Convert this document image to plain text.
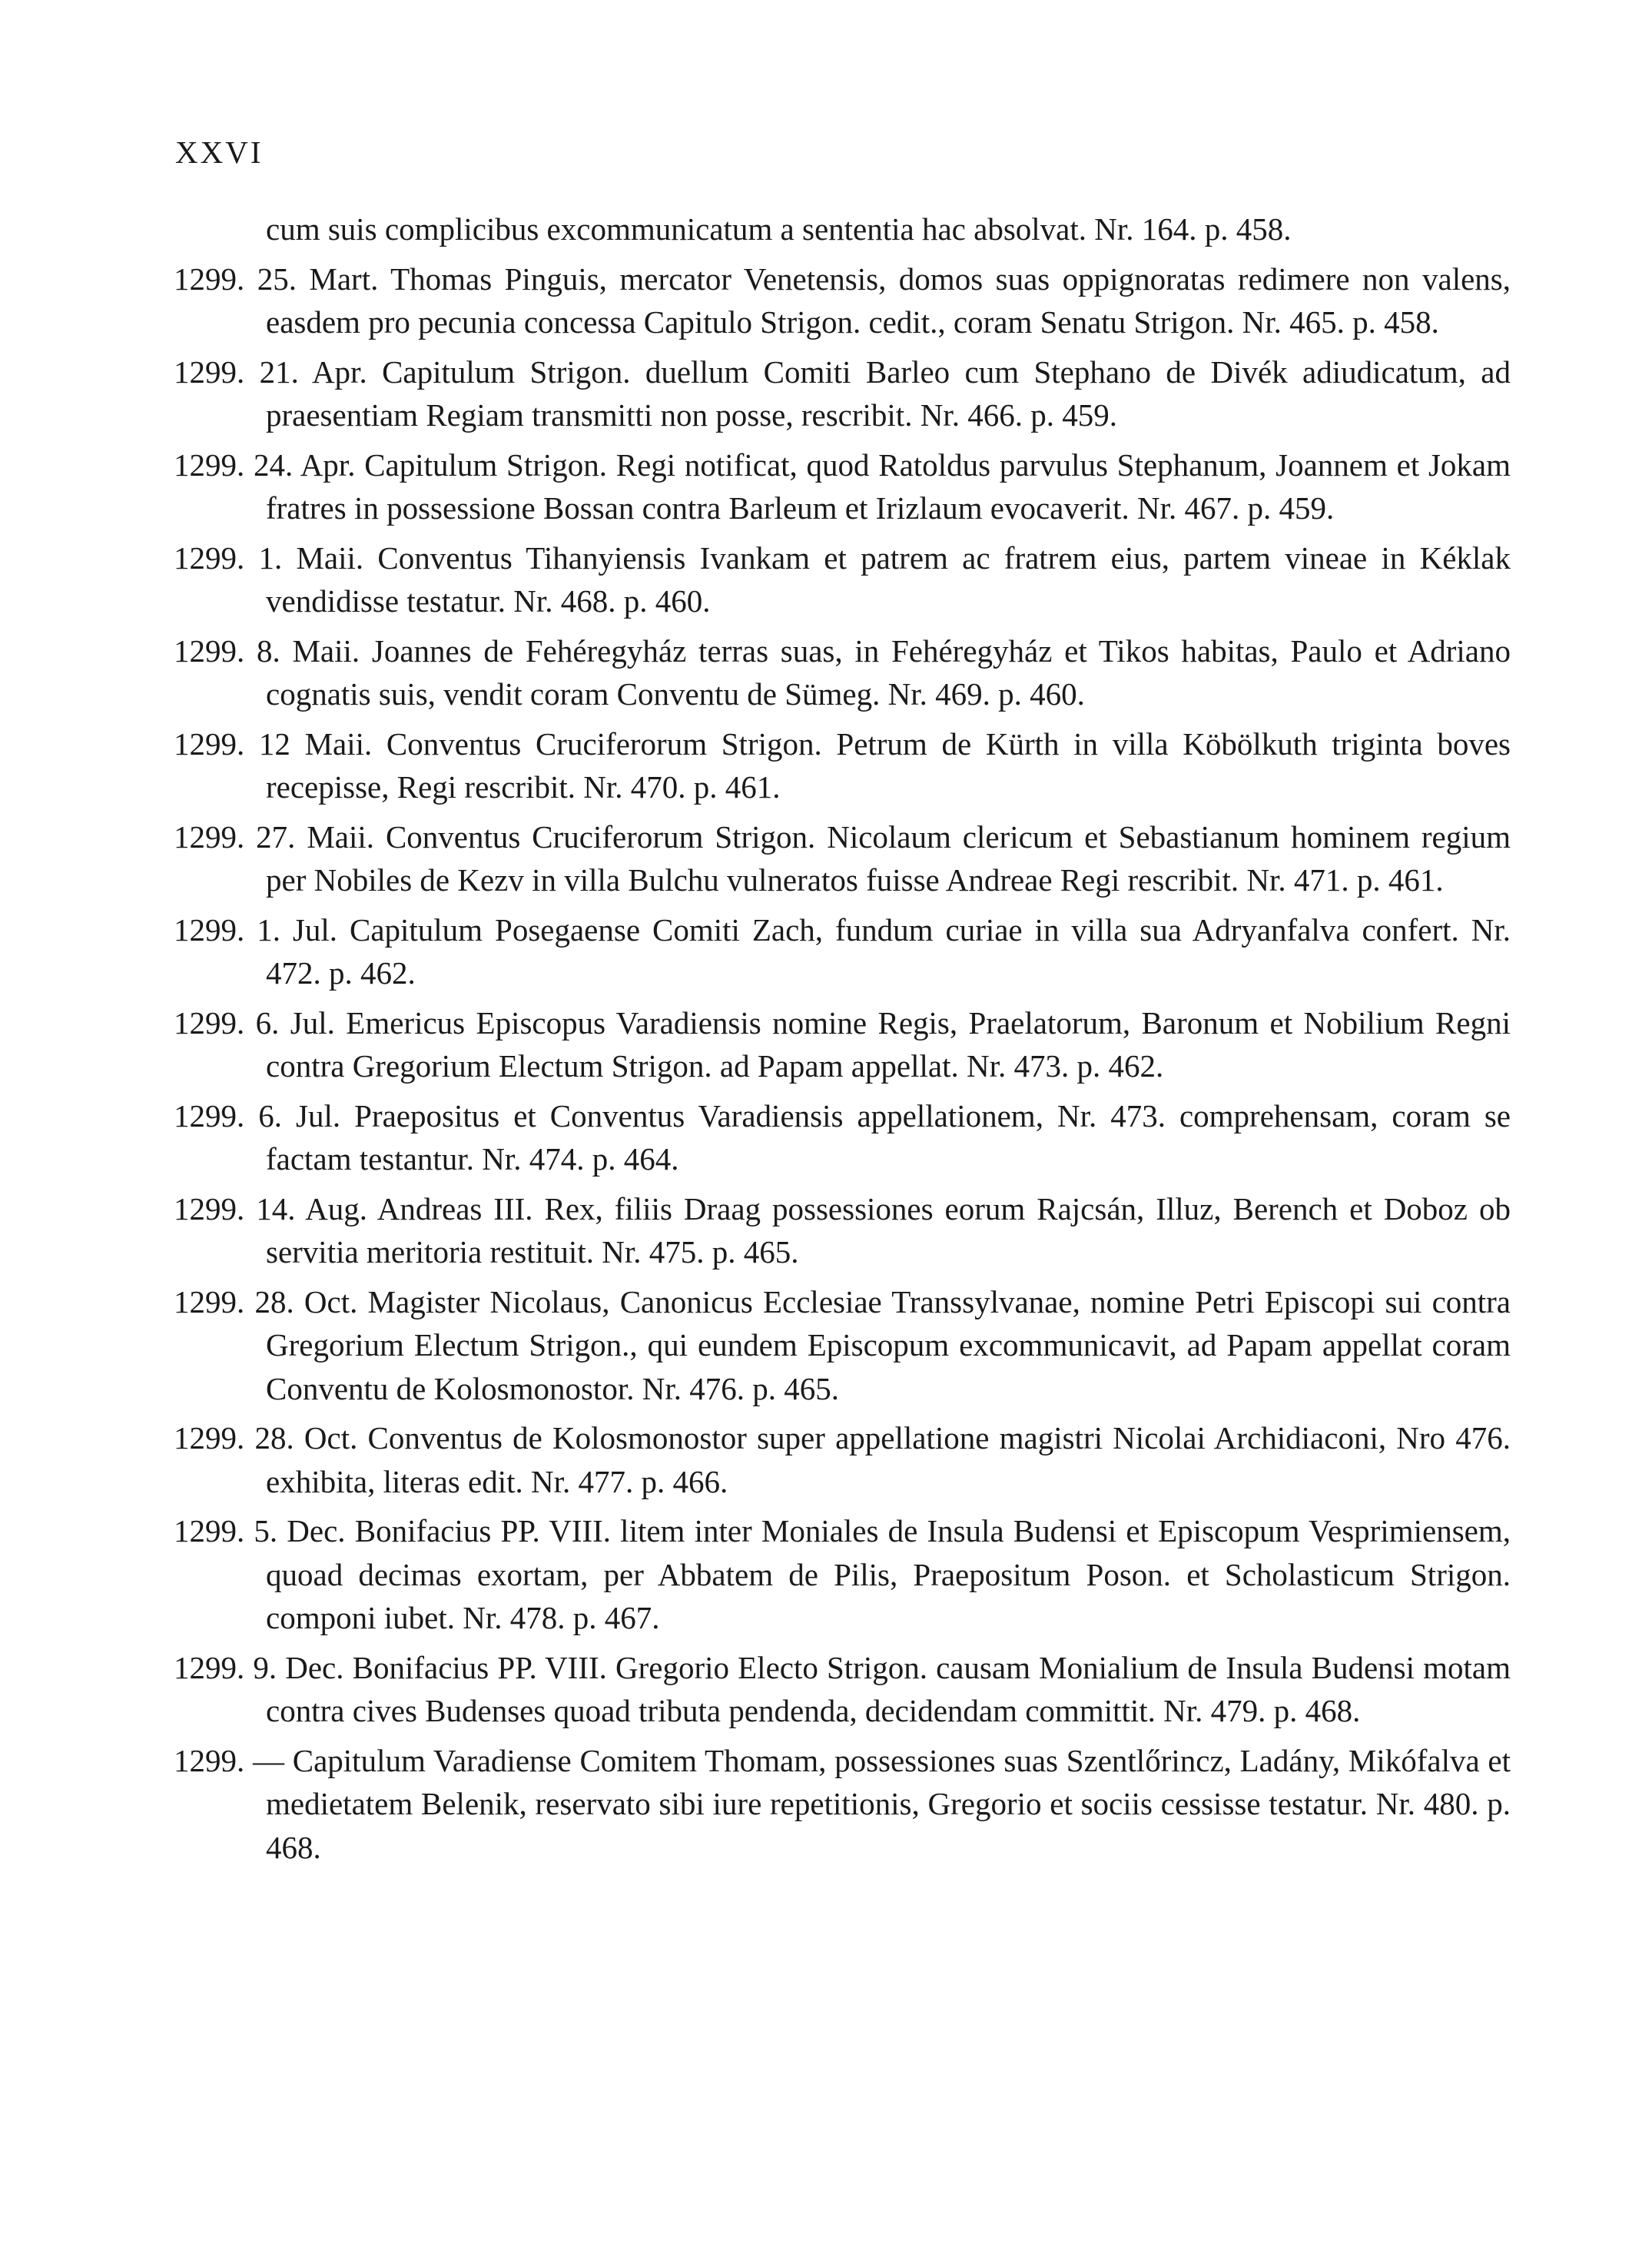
XXVI
cum suis complicibus excommunicatum a sententia hac absolvat. Nr. 164. p. 458.
1299. 25. Mart. Thomas Pinguis, mercator Venetensis, domos suas oppignoratas redimere non valens, easdem pro pecunia concessa Capitulo Strigon. cedit., coram Senatu Strigon. Nr. 465. p. 458.
1299. 21. Apr. Capitulum Strigon. duellum Comiti Barleo cum Stephano de Divék adiudicatum, ad praesentiam Regiam transmitti non posse, rescribit. Nr. 466. p. 459.
1299. 24. Apr. Capitulum Strigon. Regi notificat, quod Ratoldus parvulus Stephanum, Joannem et Jokam fratres in possessione Bossan contra Barleum et Irizlaum evocaverit. Nr. 467. p. 459.
1299. 1. Maii. Conventus Tihanyiensis Ivankam et patrem ac fratrem eius, partem vineae in Kéklak vendidisse testatur. Nr. 468. p. 460.
1299. 8. Maii. Joannes de Fehéregyház terras suas, in Fehéregyház et Tikos habitas, Paulo et Adriano cognatis suis, vendit coram Conventu de Sümeg. Nr. 469. p. 460.
1299. 12 Maii. Conventus Cruciferorum Strigon. Petrum de Kürth in villa Köbölkuth triginta boves recepisse, Regi rescribit. Nr. 470. p. 461.
1299. 27. Maii. Conventus Cruciferorum Strigon. Nicolaum clericum et Sebastianum hominem regium per Nobiles de Kezv in villa Bulchu vulneratos fuisse Andreae Regi rescribit. Nr. 471. p. 461.
1299. 1. Jul. Capitulum Posegaense Comiti Zach, fundum curiae in villa sua Adryanfalva confert. Nr. 472. p. 462.
1299. 6. Jul. Emericus Episcopus Varadiensis nomine Regis, Praelatorum, Baronum et Nobilium Regni contra Gregorium Electum Strigon. ad Papam appellat. Nr. 473. p. 462.
1299. 6. Jul. Praepositus et Conventus Varadiensis appellationem, Nr. 473. comprehensam, coram se factam testantur. Nr. 474. p. 464.
1299. 14. Aug. Andreas III. Rex, filiis Draag possessiones eorum Rajcsán, Illuz, Berench et Doboz ob servitia meritoria restituit. Nr. 475. p. 465.
1299. 28. Oct. Magister Nicolaus, Canonicus Ecclesiae Transsylvanae, nomine Petri Episcopi sui contra Gregorium Electum Strigon., qui eundem Episcopum excommunicavit, ad Papam appellat coram Conventu de Kolosmonostor. Nr. 476. p. 465.
1299. 28. Oct. Conventus de Kolosmonostor super appellatione magistri Nicolai Archidiaconi, Nro 476. exhibita, literas edit. Nr. 477. p. 466.
1299. 5. Dec. Bonifacius PP. VIII. litem inter Moniales de Insula Budensi et Episcopum Vesprimiensem, quoad decimas exortam, per Abbatem de Pilis, Praepositum Poson. et Scholasticum Strigon. componi iubet. Nr. 478. p. 467.
1299. 9. Dec. Bonifacius PP. VIII. Gregorio Electo Strigon. causam Monialium de Insula Budensi motam contra cives Budenses quoad tributa pendenda, decidendam committit. Nr. 479. p. 468.
1299. — Capitulum Varadiense Comitem Thomam, possessiones suas Szentlőrincz, Ladány, Mikófalva et medietatem Belenik, reservato sibi iure repetitionis, Gregorio et sociis cessisse testatur. Nr. 480. p. 468.
